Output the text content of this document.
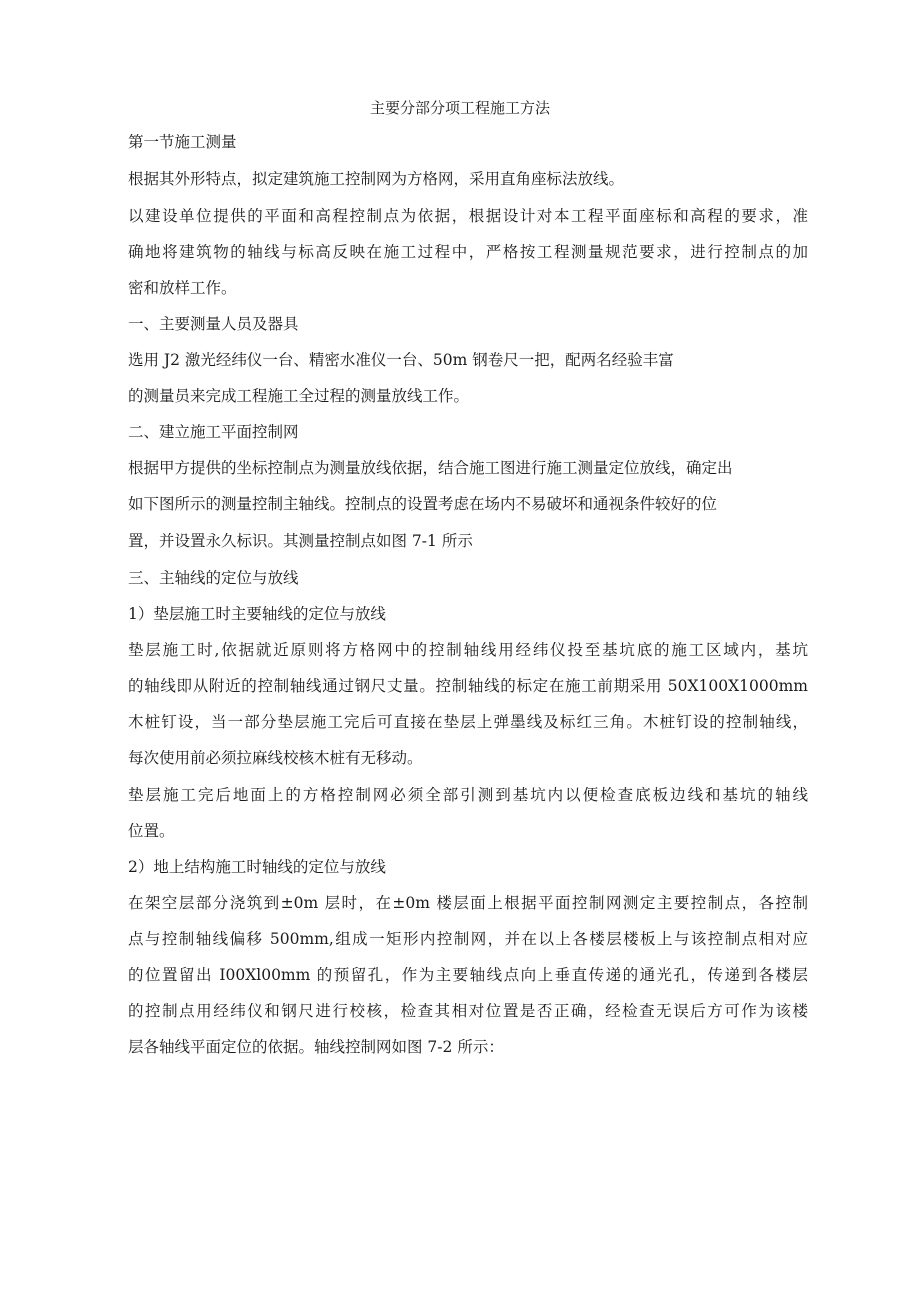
主要分部分项工程施工方法

第一节施工测量

根据其外形特点，拟定建筑施工控制网为方格网，采用直角座标法放线。

以建设单位提供的平面和高程控制点为依据，根据设计对本工程平面座标和高程的要求，准

确地将建筑物的轴线与标高反映在施工过程中，严格按工程测量规范要求，进行控制点的加

密和放样工作。

一、主要测量人员及器具

选用 J2 激光经纬仪一台、精密水准仪一台、50m 钢卷尺一把，配两名经验丰富

的测量员来完成工程施工全过程的测量放线工作。

二、建立施工平面控制网

根据甲方提供的坐标控制点为测量放线依据，结合施工图进行施工测量定位放线，确定出

如下图所示的测量控制主轴线。控制点的设置考虑在场内不易破坏和通视条件较好的位

置，并设置永久标识。其测量控制点如图 7-1 所示

三、主轴线的定位与放线

1）垫层施工时主要轴线的定位与放线

垫层施工时,依据就近原则将方格网中的控制轴线用经纬仪投至基坑底的施工区域内，基坑

的轴线即从附近的控制轴线通过钢尺丈量。控制轴线的标定在施工前期采用 50X100X1000mm

木桩钉设，当一部分垫层施工完后可直接在垫层上弹墨线及标红三角。木桩钉设的控制轴线，

每次使用前必须拉麻线校核木桩有无移动。

垫层施工完后地面上的方格控制网必须全部引测到基坑内以便检查底板边线和基坑的轴线

位置。

2）地上结构施工时轴线的定位与放线

在架空层部分浇筑到±0m 层时，在±0m 楼层面上根据平面控制网测定主要控制点，各控制

点与控制轴线偏移 500mm,组成一矩形内控制网，并在以上各楼层楼板上与该控制点相对应

的位置留出 I00Xl00mm 的预留孔，作为主要轴线点向上垂直传递的通光孔，传递到各楼层

的控制点用经纬仪和钢尺进行校核，检查其相对位置是否正确，经检查无误后方可作为该楼

层各轴线平面定位的依据。轴线控制网如图 7-2 所示：
